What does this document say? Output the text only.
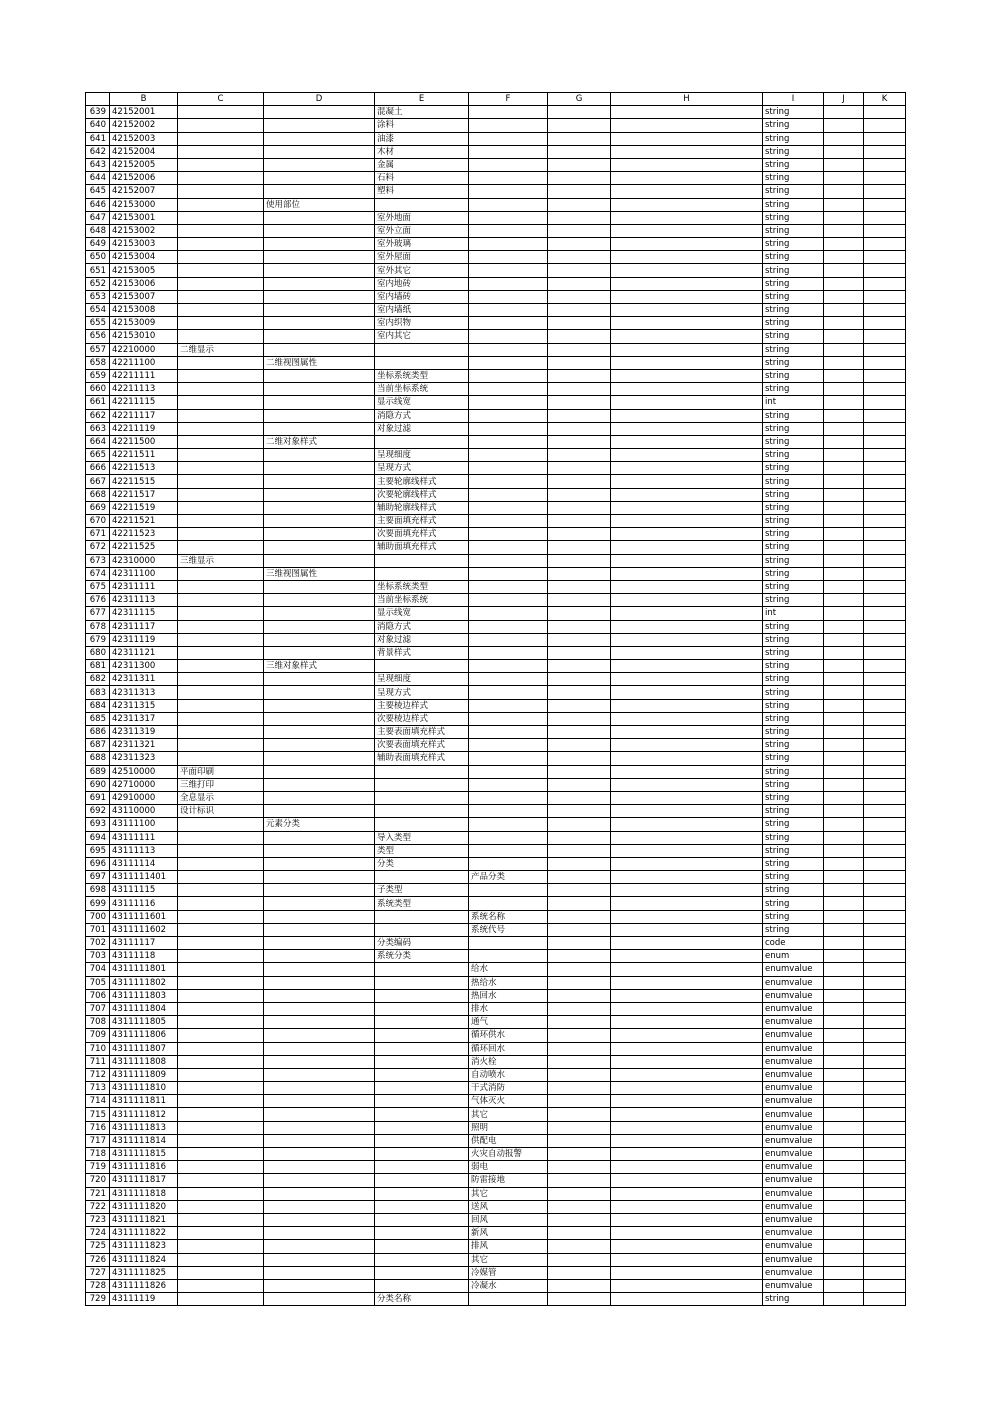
	B	C	D	E	F	G	H	I	J	K
639	42152001			混凝土				string		
640	42152002			涂料				string		
641	42152003			油漆				string		
642	42152004			木材				string		
643	42152005			金属				string		
644	42152006			石料				string		
645	42152007			塑料				string		
646	42153000		使用部位					string		
647	42153001			室外地面				string		
648	42153002			室外立面				string		
649	42153003			室外玻璃				string		
650	42153004			室外屋面				string		
651	42153005			室外其它				string		
652	42153006			室内地砖				string		
653	42153007			室内墙砖				string		
654	42153008			室内墙纸				string		
655	42153009			室内织物				string		
656	42153010			室内其它				string		
657	42210000	二维显示						string		
658	42211100		二维视图属性					string		
659	42211111			坐标系统类型				string		
660	42211113			当前坐标系统				string		
661	42211115			显示线宽				int		
662	42211117			消隐方式				string		
663	42211119			对象过滤				string		
664	42211500		二维对象样式					string		
665	42211511			呈现细度				string		
666	42211513			呈现方式				string		
667	42211515			主要轮廓线样式				string		
668	42211517			次要轮廓线样式				string		
669	42211519			辅助轮廓线样式				string		
670	42211521			主要面填充样式				string		
671	42211523			次要面填充样式				string		
672	42211525			辅助面填充样式				string		
673	42310000	三维显示						string		
674	42311100		三维视图属性					string		
675	42311111			坐标系统类型				string		
676	42311113			当前坐标系统				string		
677	42311115			显示线宽				int		
678	42311117			消隐方式				string		
679	42311119			对象过滤				string		
680	42311121			背景样式				string		
681	42311300		三维对象样式					string		
682	42311311			呈现细度				string		
683	42311313			呈现方式				string		
684	42311315			主要棱边样式				string		
685	42311317			次要棱边样式				string		
686	42311319			主要表面填充样式				string		
687	42311321			次要表面填充样式				string		
688	42311323			辅助表面填充样式				string		
689	42510000	平面印刷						string		
690	42710000	三维打印						string		
691	42910000	全息显示						string		
692	43110000	设计标识						string		
693	43111100		元素分类					string		
694	43111111			导入类型				string		
695	43111113			类型				string		
696	43111114			分类				string		
697	4311111401				产品分类			string		
698	43111115			子类型				string		
699	43111116			系统类型				string		
700	4311111601				系统名称			string		
701	4311111602				系统代号			string		
702	43111117			分类编码				code		
703	43111118			系统分类				enum		
704	4311111801				给水			enumvalue		
705	4311111802				热给水			enumvalue		
706	4311111803				热回水			enumvalue		
707	4311111804				排水			enumvalue		
708	4311111805				通气			enumvalue		
709	4311111806				循环供水			enumvalue		
710	4311111807				循环回水			enumvalue		
711	4311111808				消火栓			enumvalue		
712	4311111809				自动喷水			enumvalue		
713	4311111810				干式消防			enumvalue		
714	4311111811				气体灭火			enumvalue		
715	4311111812				其它			enumvalue		
716	4311111813				照明			enumvalue		
717	4311111814				供配电			enumvalue		
718	4311111815				火灾自动报警			enumvalue		
719	4311111816				弱电			enumvalue		
720	4311111817				防雷接地			enumvalue		
721	4311111818				其它			enumvalue		
722	4311111820				送风			enumvalue		
723	4311111821				回风			enumvalue		
724	4311111822				新风			enumvalue		
725	4311111823				排风			enumvalue		
726	4311111824				其它			enumvalue		
727	4311111825				冷媒管			enumvalue		
728	4311111826				冷凝水			enumvalue		
729	43111119			分类名称				string		
